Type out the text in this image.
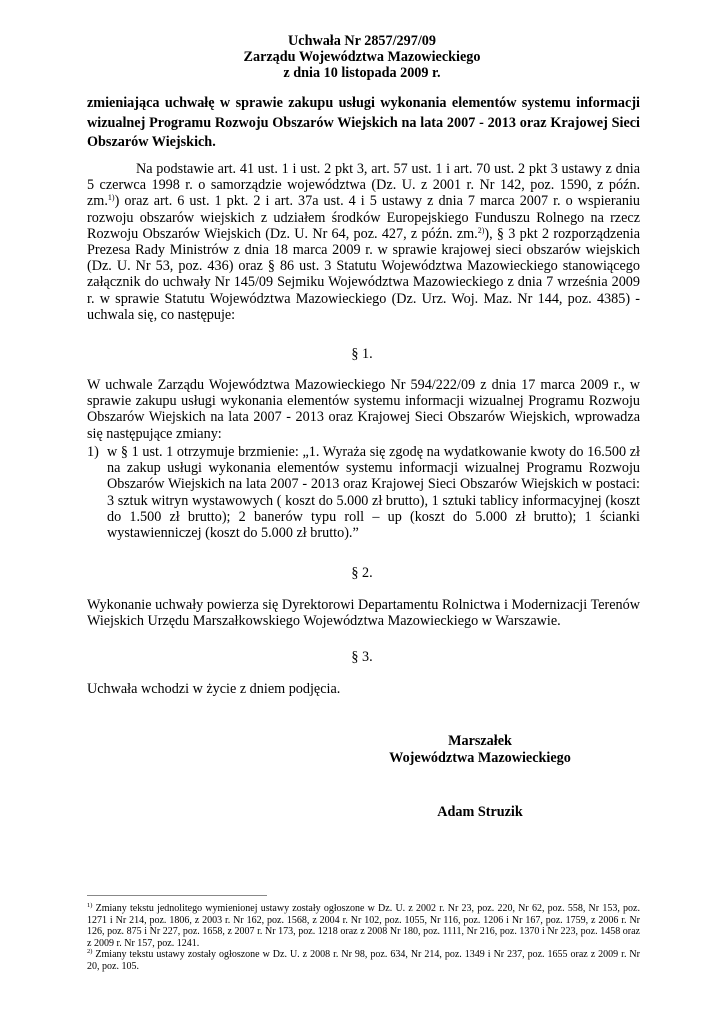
Uchwała Nr 2857/297/09
Zarządu Województwa Mazowieckiego
z dnia 10 listopada 2009 r.
zmieniająca uchwałę w sprawie zakupu usługi wykonania elementów systemu informacji wizualnej Programu Rozwoju Obszarów Wiejskich na lata 2007 - 2013 oraz Krajowej Sieci Obszarów Wiejskich.
Na podstawie art. 41 ust. 1 i ust. 2 pkt 3, art. 57 ust. 1 i art. 70 ust. 2 pkt 3 ustawy z dnia 5 czerwca 1998 r. o samorządzie województwa (Dz. U. z 2001 r. Nr 142, poz. 1590, z późn. zm.$^{1)}$) oraz art. 6 ust. 1 pkt. 2 i art. 37a ust. 4 i 5 ustawy z dnia 7 marca 2007 r. o wspieraniu rozwoju obszarów wiejskich z udziałem środków Europejskiego Funduszu Rolnego na rzecz Rozwoju Obszarów Wiejskich (Dz. U. Nr 64, poz. 427, z późn. zm.$^{2)}$), § 3 pkt 2 rozporządzenia Prezesa Rady Ministrów z dnia 18 marca 2009 r. w sprawie krajowej sieci obszarów wiejskich (Dz. U. Nr 53, poz. 436) oraz § 86 ust. 3 Statutu Województwa Mazowieckiego stanowiącego załącznik do uchwały Nr 145/09 Sejmiku Województwa Mazowieckiego z dnia 7 września 2009 r. w sprawie Statutu Województwa Mazowieckiego (Dz. Urz. Woj. Maz. Nr 144, poz. 4385) - uchwala się, co następuje:
§ 1.
W uchwale Zarządu Województwa Mazowieckiego Nr 594/222/09 z dnia 17 marca 2009 r., w sprawie zakupu usługi wykonania elementów systemu informacji wizualnej Programu Rozwoju Obszarów Wiejskich na lata 2007 - 2013 oraz Krajowej Sieci Obszarów Wiejskich, wprowadza się następujące zmiany:
1) w § 1 ust. 1 otrzymuje brzmienie: „1. Wyraża się zgodę na wydatkowanie kwoty do 16.500 zł na zakup usługi wykonania elementów systemu informacji wizualnej Programu Rozwoju Obszarów Wiejskich na lata 2007 - 2013 oraz Krajowej Sieci Obszarów Wiejskich w postaci: 3 sztuk witryn wystawowych ( koszt do 5.000 zł brutto), 1 sztuki tablicy informacyjnej (koszt do 1.500 zł brutto); 2 banerów typu roll – up (koszt do 5.000 zł brutto); 1 ścianki wystawienniczej (koszt do 5.000 zł brutto).”
§ 2.
Wykonanie uchwały powierza się Dyrektorowi Departamentu Rolnictwa i Modernizacji Terenów Wiejskich Urzędu Marszałkowskiego Województwa Mazowieckiego w Warszawie.
§ 3.
Uchwała wchodzi w życie z dniem podjęcia.
Marszałek
Województwa Mazowieckiego
Adam Struzik

$^{1)}$ Zmiany tekstu jednolitego wymienionej ustawy zostały ogłoszone w Dz. U. z 2002 r. Nr 23, poz. 220, Nr 62, poz. 558, Nr 153, poz. 1271 i Nr 214, poz. 1806, z 2003 r. Nr 162, poz. 1568, z 2004 r. Nr 102, poz. 1055, Nr 116, poz. 1206 i Nr 167, poz. 1759, z 2006 r. Nr 126, poz. 875 i Nr 227, poz. 1658, z 2007 r. Nr 173, poz. 1218 oraz z 2008 Nr 180, poz. 1111, Nr 216, poz. 1370 i Nr 223, poz. 1458 oraz z 2009 r. Nr 157, poz. 1241.

$^{2)}$ Zmiany tekstu ustawy zostały ogłoszone w Dz. U. z 2008 r. Nr 98, poz. 634, Nr 214, poz. 1349 i Nr 237, poz. 1655 oraz z 2009 r. Nr 20, poz. 105.
